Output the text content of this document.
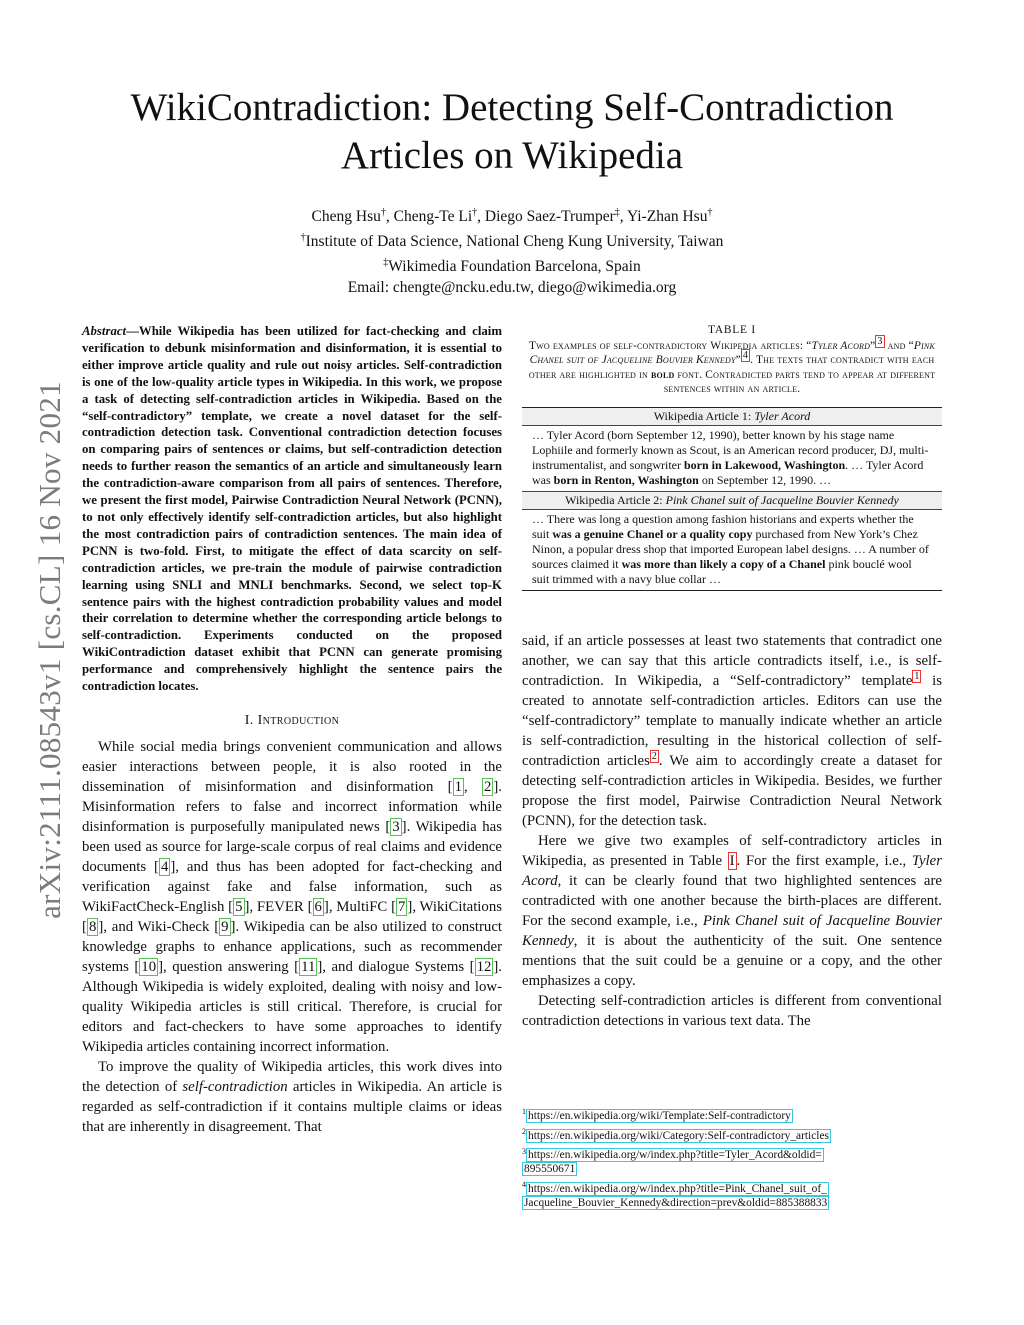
arXiv:2111.08543v1 [cs.CL] 16 Nov 2021
WikiContradiction: Detecting Self-Contradiction
Articles on Wikipedia
Cheng Hsu†, Cheng-Te Li†, Diego Saez-Trumper‡, Yi-Zhan Hsu†
†Institute of Data Science, National Cheng Kung University, Taiwan
‡Wikimedia Foundation Barcelona, Spain
Email: chengte@ncku.edu.tw, diego@wikimedia.org
Abstract—While Wikipedia has been utilized for fact-checking and claim verification to debunk misinformation and disinformation, it is essential to either improve article quality and rule out noisy articles. Self-contradiction is one of the low-quality article types in Wikipedia. In this work, we propose a task of detecting self-contradiction articles in Wikipedia. Based on the “self-contradictory” template, we create a novel dataset for the self-contradiction detection task. Conventional contradiction detection focuses on comparing pairs of sentences or claims, but self-contradiction detection needs to further reason the semantics of an article and simultaneously learn the contradiction-aware comparison from all pairs of sentences. Therefore, we present the first model, Pairwise Contradiction Neural Network (PCNN), to not only effectively identify self-contradiction articles, but also highlight the most contradiction pairs of contradiction sentences. The main idea of PCNN is two-fold. First, to mitigate the effect of data scarcity on self-contradiction articles, we pre-train the module of pairwise contradiction learning using SNLI and MNLI benchmarks. Second, we select top-K sentence pairs with the highest contradiction probability values and model their correlation to determine whether the corresponding article belongs to self-contradiction. Experiments conducted on the proposed WikiContradiction dataset exhibit that PCNN can generate promising performance and comprehensively highlight the sentence pairs the contradiction locates.
I. Introduction

While social media brings convenient communication and allows easier interactions between people, it is also rooted in the dissemination of misinformation and disinformation [ 1 , 2 ]. Misinformation refers to false and incorrect information while disinformation is purposefully manipulated news [ 3 ]. Wikipedia has been used as source for large-scale corpus of real claims and evidence documents [ 4 ], and thus has been adopted for fact-checking and verification against fake and false information, such as WikiFactCheck-English [ 5 ], FEVER [ 6 ], MultiFC [ 7 ], WikiCitations [ 8 ], and Wiki-Check [ 9 ]. Wikipedia can be also utilized to construct knowledge graphs to enhance applications, such as recommender systems [ 10 ], question answering [ 11 ], and dialogue Systems [ 12 ]. Although Wikipedia is widely exploited, dealing with noisy and low-quality Wikipedia articles is still critical. Therefore, is crucial for editors and fact-checkers to have some approaches to identify Wikipedia articles containing incorrect information.

To improve the quality of Wikipedia articles, this work dives into the detection of self-contradiction articles in Wikipedia. An article is regarded as self-contradiction if it contains multiple claims or ideas that are inherently in disagreement. That

TABLE I
Two examples of self-contradictory Wikipedia articles: “Tyler Acord” 3 and “Pink Chanel suit of Jacqueline Bouvier Kennedy” 4 . The texts that contradict with each other are highlighted in bold font. Contradicted parts tend to appear at different sentences within an article.
Wikipedia Article 1: Tyler Acord
… Tyler Acord (born September 12, 1990), better known by his stage name Lophiile and formerly known as Scout, is an American record producer, DJ, multi-instrumentalist, and songwriter born in Lakewood, Washington. … Tyler Acord was born in Renton, Washington on September 12, 1990. …
Wikipedia Article 2: Pink Chanel suit of Jacqueline Bouvier Kennedy
… There was long a question among fashion historians and experts whether the suit was a genuine Chanel or a quality copy purchased from New York’s Chez Ninon, a popular dress shop that imported European label designs. … A number of sources claimed it was more than likely a copy of a Chanel pink bouclé wool suit trimmed with a navy blue collar …

said, if an article possesses at least two statements that contradict one another, we can say that this article contradicts itself, i.e., is self-contradiction. In Wikipedia, a “Self-contradictory” template $^1$ is created to annotate self-contradiction articles. Editors can use the “self-contradictory” template to manually indicate whether an article is self-contradiction, resulting in the historical collection of self-contradiction articles $^2$ . We aim to accordingly create a dataset for detecting self-contradiction articles in Wikipedia. Besides, we further propose the first model, Pairwise Contradiction Neural Network (PCNN), for the detection task.

Here we give two examples of self-contradictory articles in Wikipedia, as presented in Table I . For the first example, i.e., Tyler Acord, it can be clearly found that two highlighted sentences are contradicted with one another because the birth-places are different. For the second example, i.e., Pink Chanel suit of Jacqueline Bouvier Kennedy, it is about the authenticity of the suit. One sentence mentions that the suit could be a genuine or a copy, and the other emphasizes a copy.

Detecting self-contradiction articles is different from conventional contradiction detections in various text data. The

$^1$ https://en.wikipedia.org/wiki/Template:Self-contradictory
$^2$ https://en.wikipedia.org/wiki/Category:Self-contradictory_articles
$^3$ https://en.wikipedia.org/w/index.php?title=Tyler_Acord&oldid=
895550671
$^4$ https://en.wikipedia.org/w/index.php?title=Pink_Chanel_suit_of_
Jacqueline_Bouvier_Kennedy&direction=prev&oldid=885388833
